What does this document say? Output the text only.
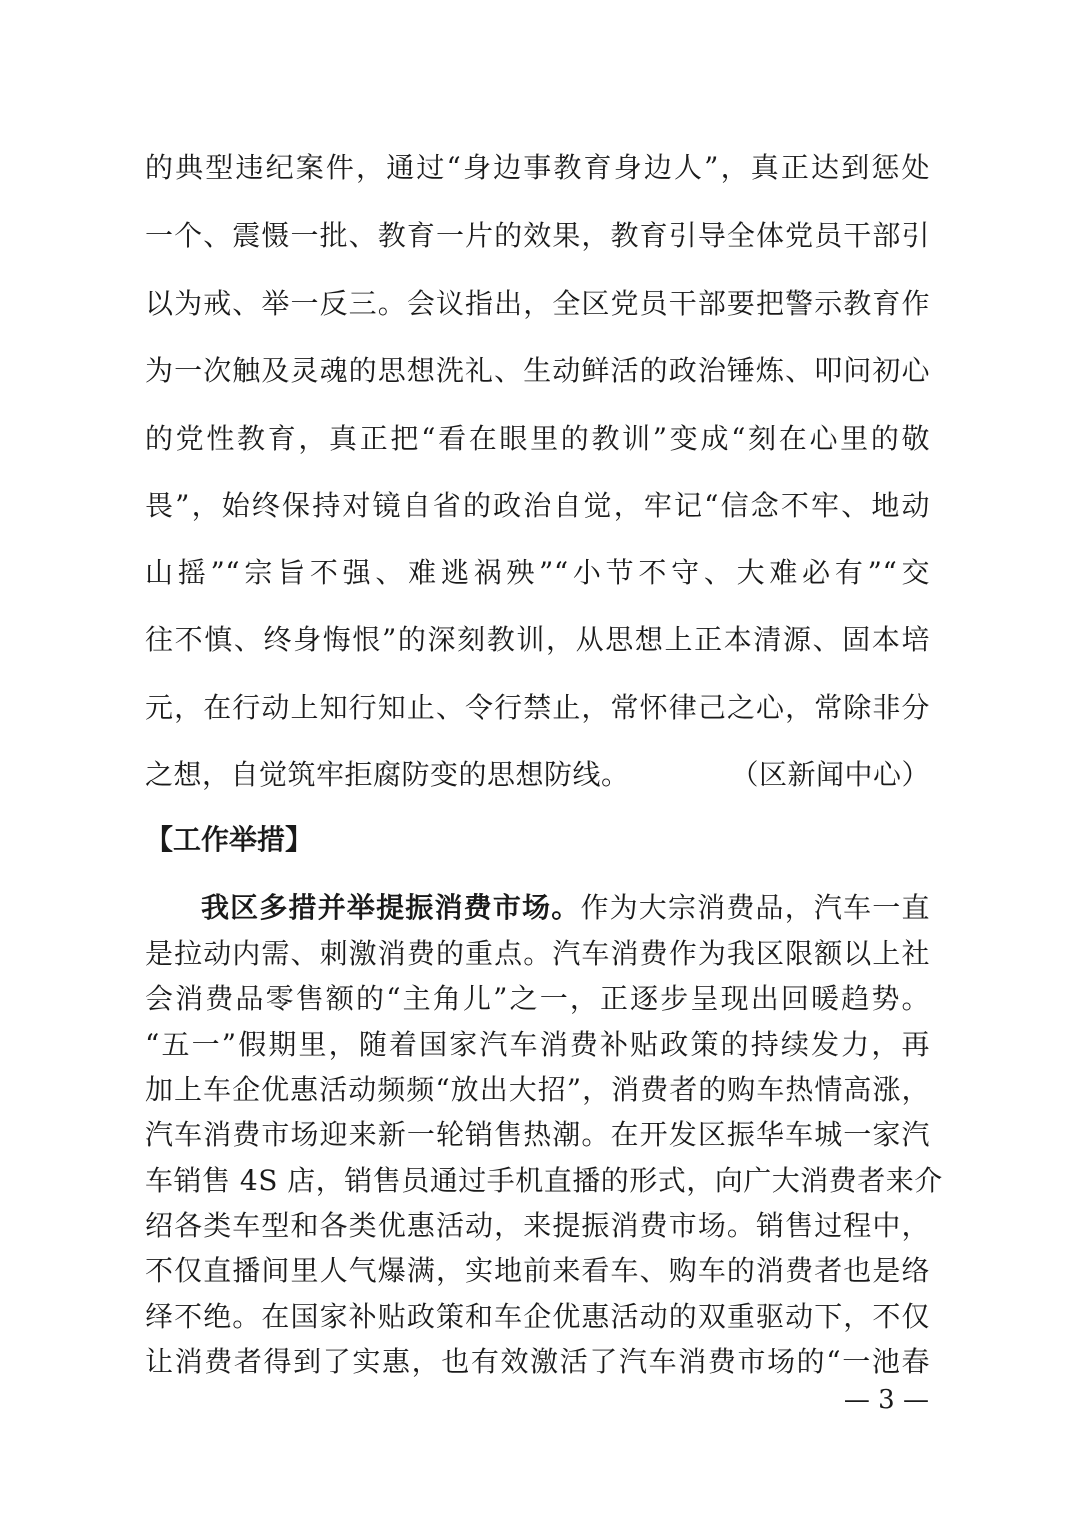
的典型违纪案件，通过“身边事教育身边人”，真正达到惩处
一个、震慑一批、教育一片的效果，教育引导全体党员干部引
以为戒、举一反三。会议指出，全区党员干部要把警示教育作
为一次触及灵魂的思想洗礼、生动鲜活的政治锤炼、叩问初心
的党性教育，真正把“看在眼里的教训”变成“刻在心里的敬
畏”，始终保持对镜自省的政治自觉，牢记“信念不牢、地动
山摇”“宗旨不强、难逃祸殃”“小节不守、大难必有”“交
往不慎、终身悔恨”的深刻教训，从思想上正本清源、固本培
元，在行动上知行知止、令行禁止，常怀律己之心，常除非分
之想，自觉筑牢拒腐防变的思想防线。	（区新闻中心）
【工作举措】
我区多措并举提振消费市场。作为大宗消费品，汽车一直
是拉动内需、刺激消费的重点。汽车消费作为我区限额以上社
会消费品零售额的“主角儿”之一，正逐步呈现出回暖趋势。
“五一”假期里，随着国家汽车消费补贴政策的持续发力，再
加上车企优惠活动频频“放出大招”，消费者的购车热情高涨，
汽车消费市场迎来新一轮销售热潮。在开发区振华车城一家汽
车销售 4S 店，销售员通过手机直播的形式，向广大消费者来介
绍各类车型和各类优惠活动，来提振消费市场。销售过程中，
不仅直播间里人气爆满，实地前来看车、购车的消费者也是络
绎不绝。在国家补贴政策和车企优惠活动的双重驱动下，不仅
让消费者得到了实惠，也有效激活了汽车消费市场的“一池春
— 3 —
